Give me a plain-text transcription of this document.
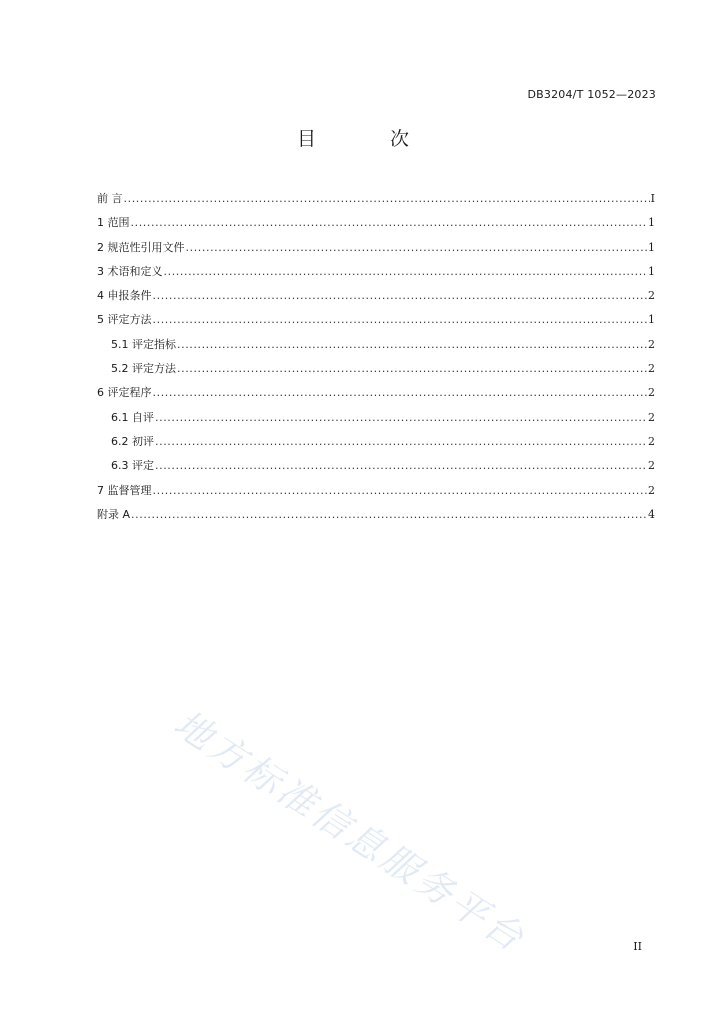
DB3204/T 1052—2023
目 次
前 言 .....	I
1 范围 .....	1
2 规范性引用文件 .....	1
3 术语和定义 .....	1
4 申报条件 .....	2
5 评定方法 .....	1
5.1 评定指标 .....	2
5.2 评定方法 .....	2
6 评定程序 .....	2
6.1 自评 .....	2
6.2 初评 .....	2
6.3 评定 .....	2
7 监督管理 .....	2
附录 A .....	4
地方标准信息服务平台	II
